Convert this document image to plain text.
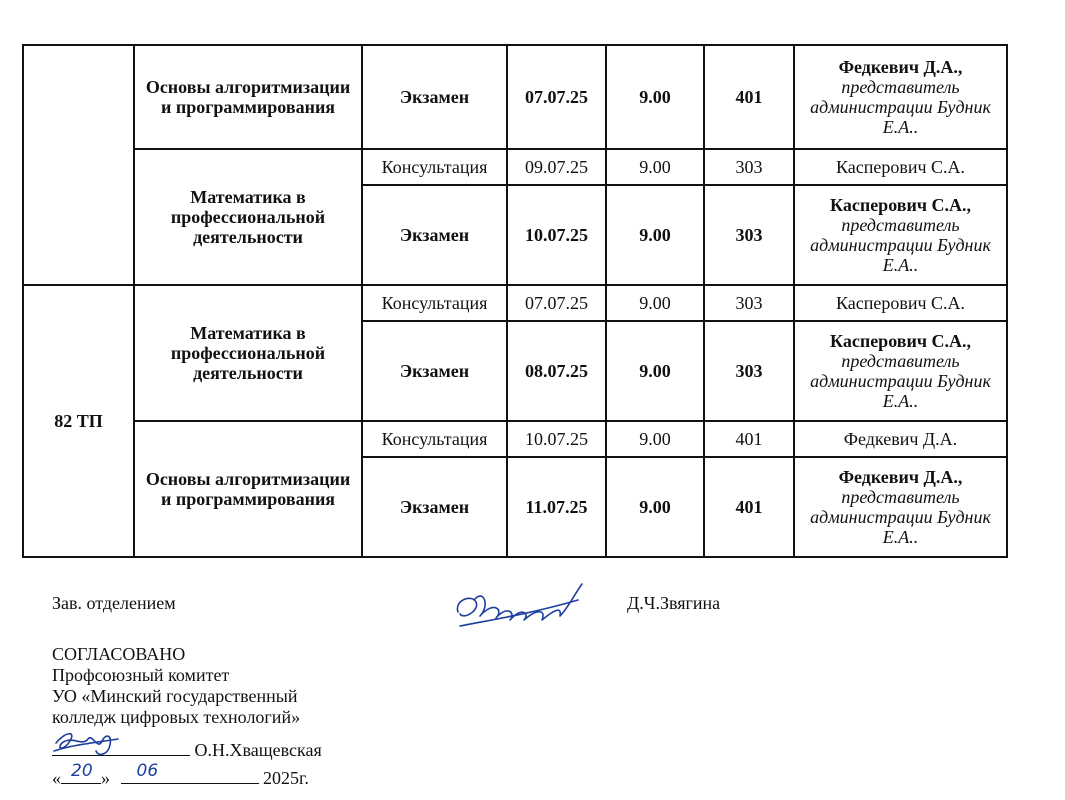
	Основы алгоритмизации и программирования	Экзамен	07.07.25	9.00	401	Федкевич Д.А.,
представитель администрации Будник Е.А..

	Математика в профессиональной деятельности	Консультация	09.07.25	9.00	303	Касперович С.А.
		Экзамен	10.07.25	9.00	303	Касперович С.А.,
представитель администрации Будник Е.А..

82 ТП	Математика в профессиональной деятельности	Консультация	07.07.25	9.00	303	Касперович С.А.
		Экзамен	08.07.25	9.00	303	Касперович С.А.,
представитель администрации Будник Е.А..

	Основы алгоритмизации и программирования	Консультация	10.07.25	9.00	401	Федкевич Д.А.
		Экзамен	11.07.25	9.00	401	Федкевич Д.А.,
представитель администрации Будник Е.А..
Зав. отделением	Д.Ч.Звягина
СОГЛАСОВАНО
Профсоюзный комитет
УО «Минский государственный
колледж цифровых технологий»
О.Н.Хващевская
« 20 » 06	2025г.
